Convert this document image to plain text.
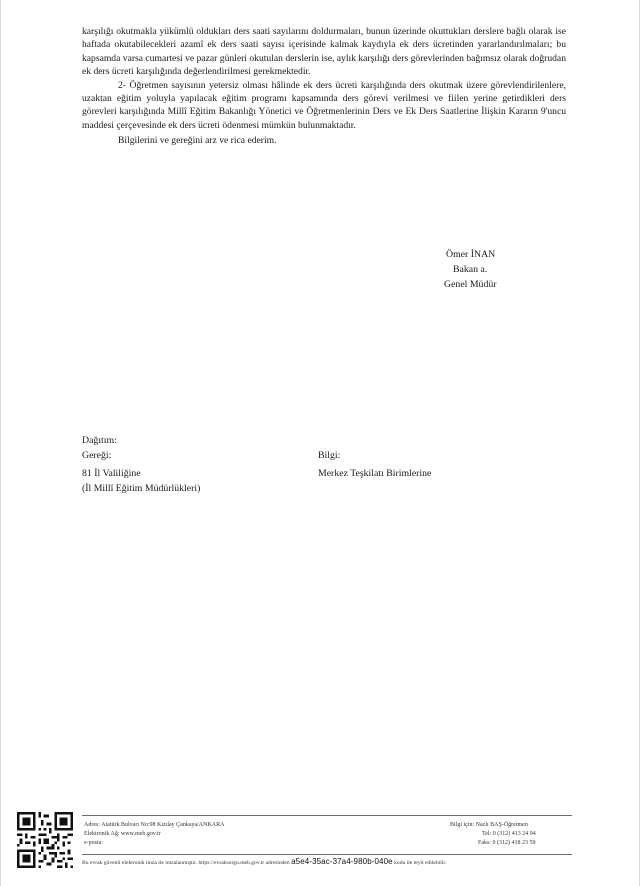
karşılığı okutmakla yükümlü oldukları ders saati sayılarını doldurmaları, bunun üzerinde okuttukları derslere bağlı olarak ise haftada okutabilecekleri azamî ek ders saati sayısı içerisinde kalmak kaydıyla ek ders ücretinden yararlandırılmaları; bu kapsamda varsa cumartesi ve pazar günleri okutulan derslerin ise, aylık karşılığı ders görevlerinden bağımsız olarak doğrudan ek ders ücreti karşılığında değerlendirilmesi gerekmektedir.

2- Öğretmen sayısının yetersiz olması hâlinde ek ders ücreti karşılığında ders okutmak üzere görevlendirilenlere, uzaktan eğitim yoluyla yapılacak eğitim programı kapsamında ders görevi verilmesi ve fiilen yerine getirdikleri ders görevleri karşılığında Millî Eğitim Bakanlığı Yönetici ve Öğretmenlerinin Ders ve Ek Ders Saatlerine İlişkin Kararın 9'uncu maddesi çerçevesinde ek ders ücreti ödenmesi mümkün bulunmaktadır.

Bilgilerini ve gereğini arz ve rica ederim.

Ömer İNAN
Bakan a.
Genel Müdür
Dağıtım:
Gereği:
81 İl Valiliğine
(İl Millî Eğitim Müdürlükleri)
Bilgi:
Merkez Teşkilatı Birimlerine
Adres: Atatürk Bulvarı No:98 Kızılay Çankaya/ANKARA
Elektronik Ağ: www.meb.gov.tr
e-posta:
Bilgi için: Nazlı BAŞ-Öğretmen
Tel: 0 (312) 413 24 94
Faks: 0 (312) 418 23 59
Bu evrak güvenli elektronik imza ile imzalanmıştır. https://evraksorgu.meb.gov.tr adresinden a5e4-35ac-37a4-980b-040e kodu ile teyit edilebilir.
